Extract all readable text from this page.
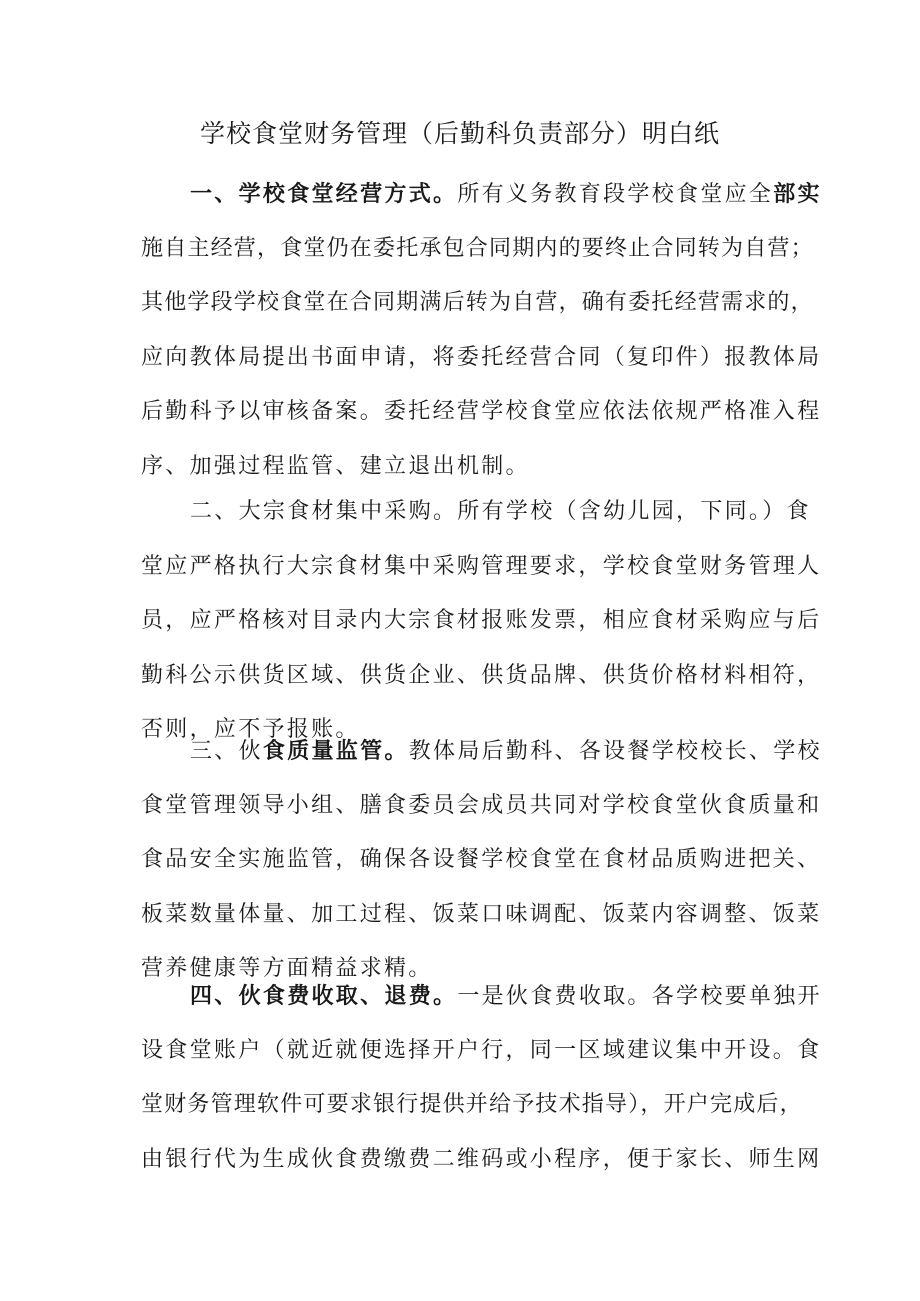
学校食堂财务管理（后勤科负责部分）明白纸
一、学校食堂经营方式。所有义务教育段学校食堂应全部实
施自主经营，食堂仍在委托承包合同期内的要终止合同转为自营；
其他学段学校食堂在合同期满后转为自营，确有委托经营需求的，
应向教体局提出书面申请，将委托经营合同（复印件）报教体局
后勤科予以审核备案。委托经营学校食堂应依法依规严格准入程
序、加强过程监管、建立退出机制。
二、大宗食材集中采购。所有学校（含幼儿园，下同。）食
堂应严格执行大宗食材集中采购管理要求，学校食堂财务管理人
员，应严格核对目录内大宗食材报账发票，相应食材采购应与后
勤科公示供货区域、供货企业、供货品牌、供货价格材料相符，
否则，应不予报账。
三、伙食质量监管。教体局后勤科、各设餐学校校长、学校
食堂管理领导小组、膳食委员会成员共同对学校食堂伙食质量和
食品安全实施监管，确保各设餐学校食堂在食材品质购进把关、
板菜数量体量、加工过程、饭菜口味调配、饭菜内容调整、饭菜
营养健康等方面精益求精。
四、伙食费收取、退费。一是伙食费收取。各学校要单独开
设食堂账户（就近就便选择开户行，同一区域建议集中开设。食
堂财务管理软件可要求银行提供并给予技术指导），开户完成后，
由银行代为生成伙食费缴费二维码或小程序，便于家长、师生网
